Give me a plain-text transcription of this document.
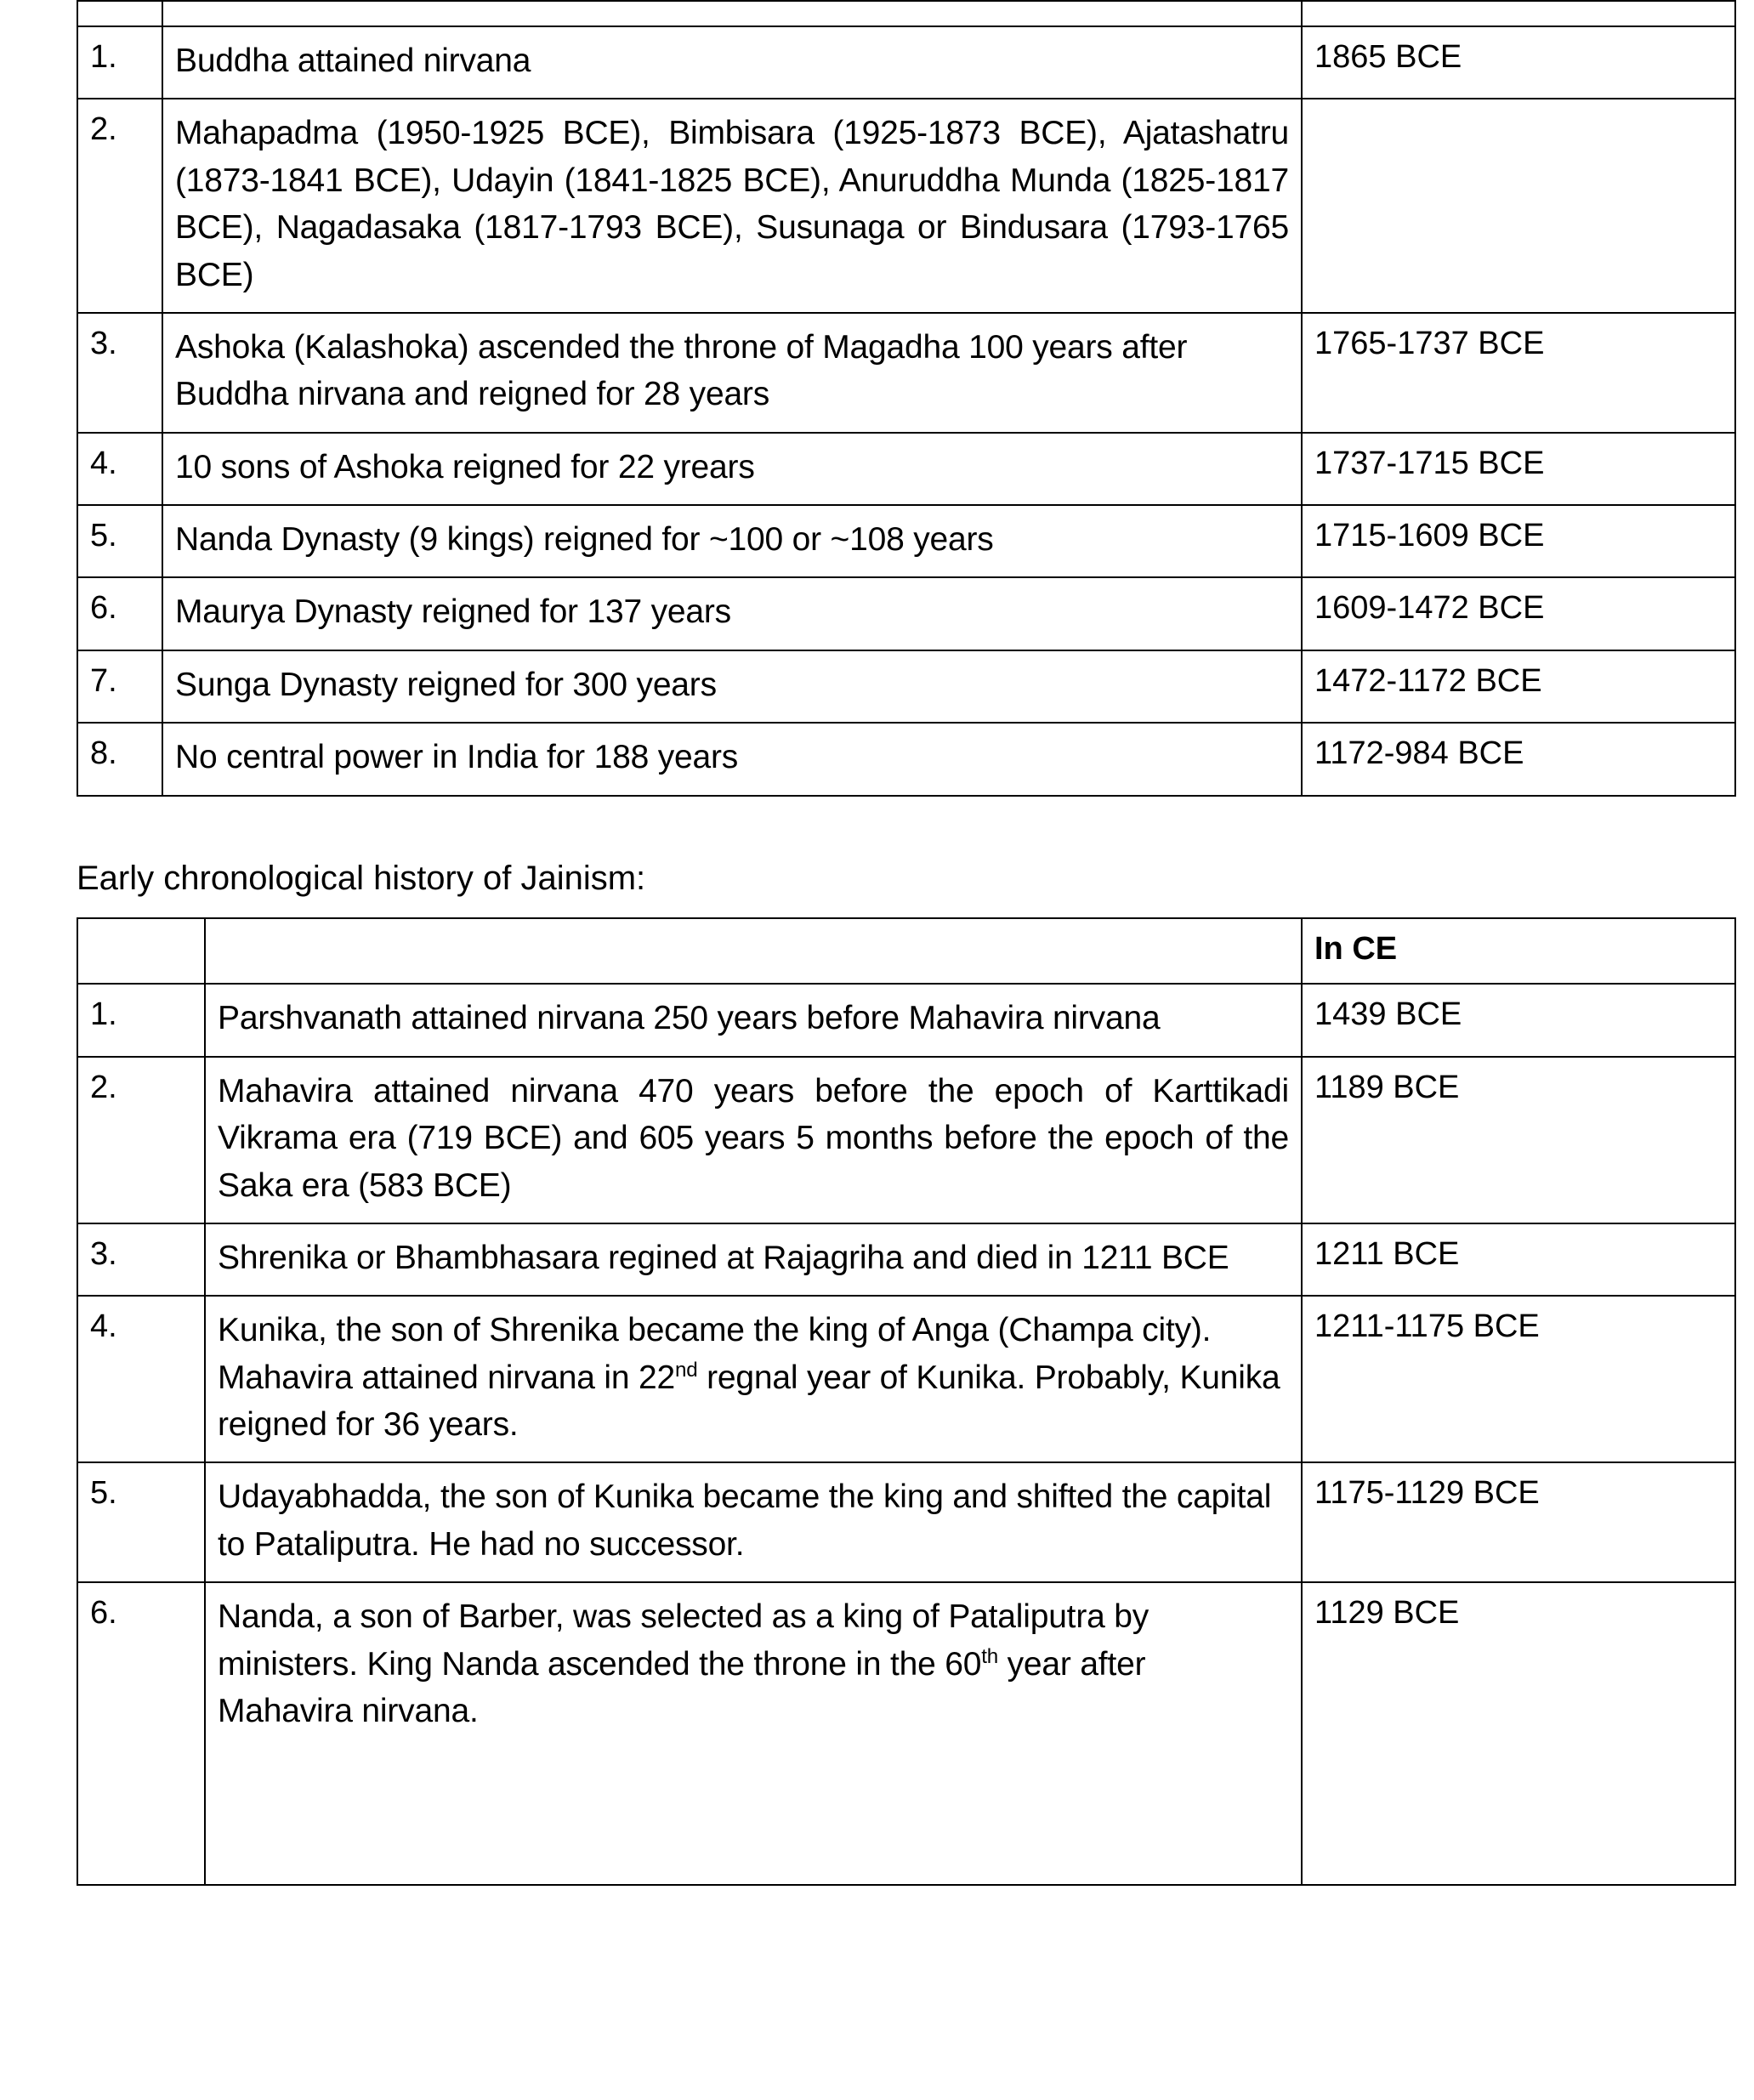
1.	Buddha attained nirvana	1865 BCE
2.	Mahapadma (1950-1925 BCE), Bimbisara (1925-1873 BCE), Ajatashatru (1873-1841 BCE), Udayin (1841-1825 BCE), Anuruddha Munda (1825-1817 BCE), Nagadasaka (1817-1793 BCE), Susunaga or Bindusara (1793-1765 BCE)	
3.	Ashoka (Kalashoka) ascended the throne of Magadha 100 years after Buddha nirvana and reigned for 28 years	1765-1737 BCE
4.	10 sons of Ashoka reigned for 22 yrears	1737-1715 BCE
5.	Nanda Dynasty (9 kings) reigned for ~100 or ~108 years	1715-1609 BCE
6.	Maurya Dynasty reigned for 137 years	1609-1472 BCE
7.	Sunga Dynasty reigned for 300 years	1472-1172 BCE
8.	No central power in India for 188 years	1172-984 BCE
Early chronological history of Jainism:
		In CE
1.	Parshvanath attained nirvana 250 years before Mahavira nirvana	1439 BCE
2.	Mahavira attained nirvana 470 years before the epoch of Karttikadi Vikrama era (719 BCE) and 605 years 5 months before the epoch of the Saka era (583 BCE)	1189 BCE
3.	Shrenika or Bhambhasara regined at Rajagriha and died in 1211 BCE	1211 BCE
4.	Kunika, the son of Shrenika became the king of Anga (Champa city). Mahavira attained nirvana in 22nd regnal year of Kunika. Probably, Kunika reigned for 36 years.	1211-1175 BCE
5.	Udayabhadda, the son of Kunika became the king and shifted the capital to Pataliputra. He had no successor.	1175-1129 BCE
6.	Nanda, a son of Barber, was selected as a king of Pataliputra by ministers. King Nanda ascended the throne in the 60th year after Mahavira nirvana.	1129 BCE
